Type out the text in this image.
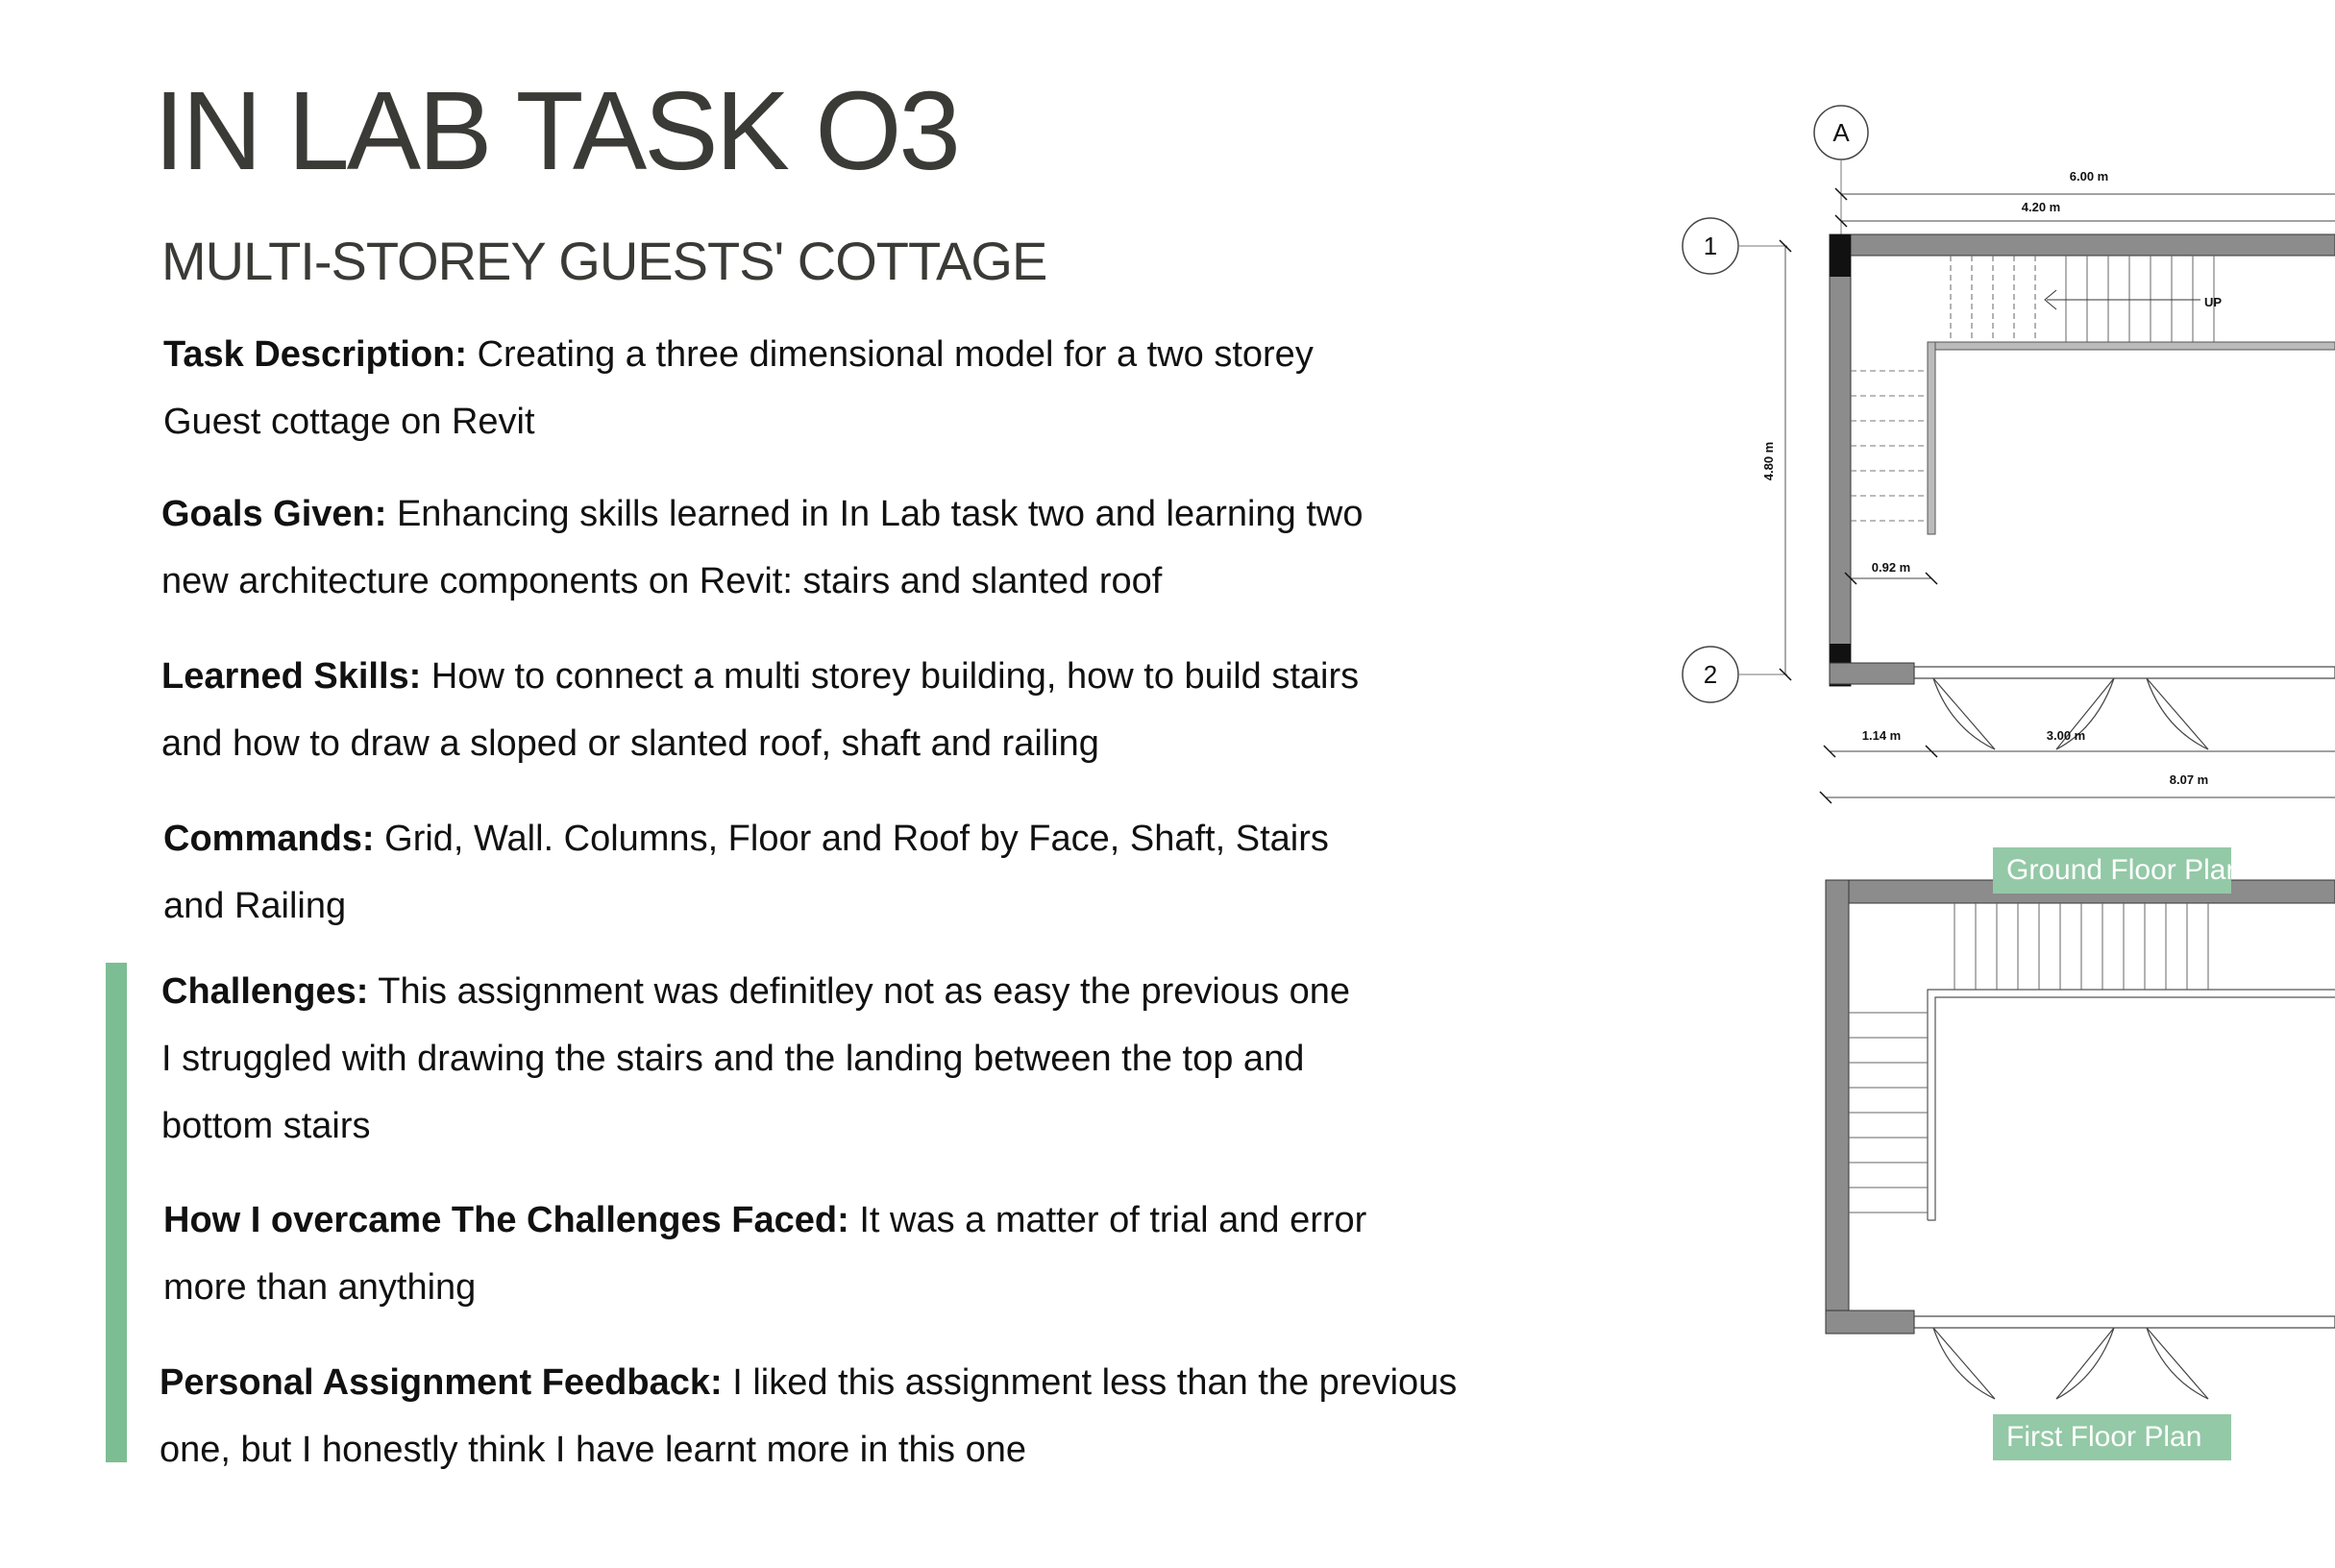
IN LAB TASK O3
MULTI-STOREY GUESTS' COTTAGE

Task Description: Creating a three dimensional model for a two storey
Guest cottage on Revit

Goals Given: Enhancing skills learned in In Lab task two and learning two
new architecture components on Revit: stairs and slanted roof

Learned Skills: How to connect a multi storey building, how to build stairs
and how to draw a sloped or slanted roof, shaft and railing

Commands: Grid, Wall. Columns, Floor and Roof by Face, Shaft, Stairs
and Railing

Challenges: This assignment was definitley not as easy the previous one
I struggled with drawing the stairs and the landing between the top and
bottom stairs

How I overcame The Challenges Faced: It was a matter of trial and error
more than anything

Personal Assignment Feedback: I liked this assignment less than the previous
one, but I honestly think I have learnt more in this one

A
1
2
6.00 m
4.20 m
4.80 m
UP
0.92 m
1.14 m	3.00 m
8.07 m
Ground Floor Plan
First Floor Plan
